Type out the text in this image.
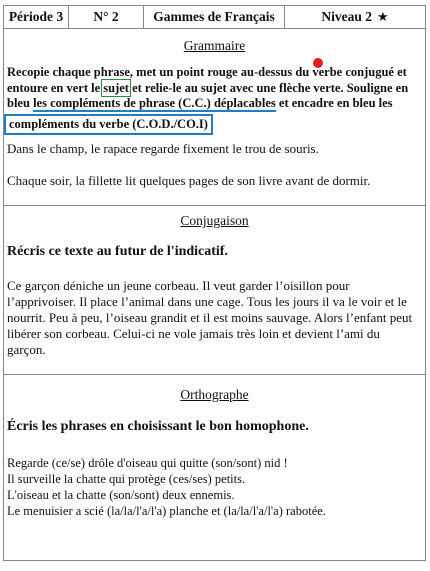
Période 3	N° 2	Gammes de Français	Niveau 2 ★
Grammaire
Recopie chaque phrase, met un point rouge au-dessus du verbe conjugué et entoure en vert le sujet et relie-le au sujet avec une flèche verte. Souligne en bleu les compléments de phrase (C.C.) déplacables et encadre en bleu les
compléments du verbe (C.O.D./CO.I)
Dans le champ, le rapace regarde fixement le trou de souris.
Chaque soir, la fillette lit quelques pages de son livre avant de dormir.
Conjugaison
Récris ce texte au futur de l'indicatif.
Ce garçon déniche un jeune corbeau. Il veut garder l’oisillon pour l’apprivoiser. Il place l’animal dans une cage. Tous les jours il va le voir et le nourrit. Peu à peu, l’oiseau grandit et il est moins sauvage. Alors l’enfant peut libérer son corbeau. Celui-ci ne vole jamais très loin et devient l’ami du garçon.
Orthographe
Écris les phrases en choisissant le bon homophone.
Regarde (ce/se) drôle d'oiseau qui quitte (son/sont) nid !
Il surveille la chatte qui protège (ces/ses) petits.
L'oiseau et la chatte (son/sont) deux ennemis.
Le menuisier a scié (la/la/l'a/l'a) planche et (la/la/l'a/l'a) rabotée.
